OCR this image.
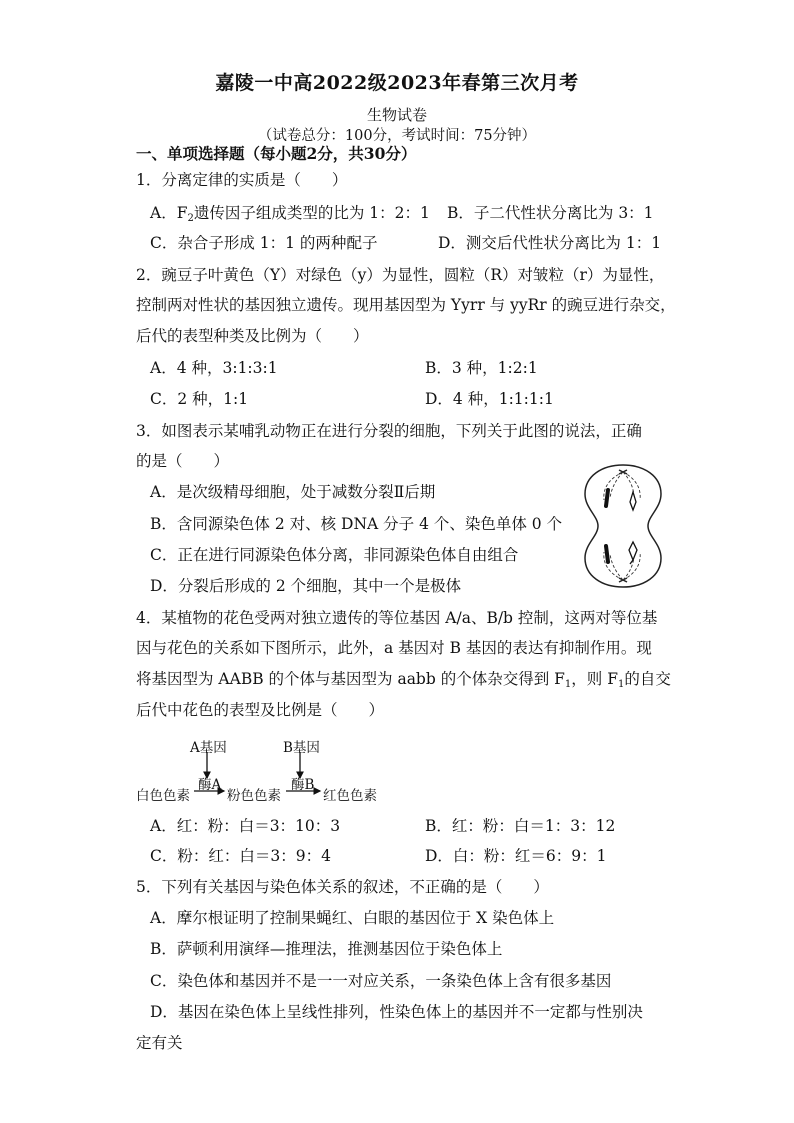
嘉陵一中高2022级2023年春第三次月考
生物试卷
（试卷总分：100分，考试时间：75分钟）
一、单项选择题（每小题2分，共30分）
1．分离定律的实质是（　　）
A．$F_2$遗传因子组成类型的比为 1：2：1 B．子二代性状分离比为 3：1
C．杂合子形成 1：1 的两种配子	D．测交后代性状分离比为 1：1
2．豌豆子叶黄色（Y）对绿色（y）为显性，圆粒（R）对皱粒（r）为显性，
控制两对性状的基因独立遗传。现用基因型为 Yyrr 与 yyRr 的豌豆进行杂交，
后代的表型种类及比例为（　　）
A．4 种，3:1:3:1	B．3 种，1:2:1
C．2 种，1:1	D．4 种，1:1:1:1
3．如图表示某哺乳动物正在进行分裂的细胞，下列关于此图的说法，正确
的是（　　）
A．是次级精母细胞，处于减数分裂Ⅱ后期
B．含同源染色体 2 对、核 DNA 分子 4 个、染色单体 0 个
C．正在进行同源染色体分离，非同源染色体自由组合
D．分裂后形成的 2 个细胞，其中一个是极体
4．某植物的花色受两对独立遗传的等位基因 A/a、B/b 控制，这两对等位基
因与花色的关系如下图所示，此外，a 基因对 B 基因的表达有抑制作用。现
将基因型为 AABB 的个体与基因型为 aabb 的个体杂交得到 $F_1$，则 $F_1$的自交
后代中花色的表型及比例是（　　）
A基因	B基因
酶A	酶B
白色色素	粉色色素	红色色素
A．红：粉：白＝3：10：3	B．红：粉：白＝1：3：12
C．粉：红：白＝3：9：4	D．白：粉：红＝6：9：1
5．下列有关基因与染色体关系的叙述，不正确的是（　　）
A．摩尔根证明了控制果蝇红、白眼的基因位于 X 染色体上
B．萨顿利用演绎—推理法，推测基因位于染色体上
C．染色体和基因并不是一一对应关系，一条染色体上含有很多基因
D．基因在染色体上呈线性排列，性染色体上的基因并不一定都与性别决
定有关
